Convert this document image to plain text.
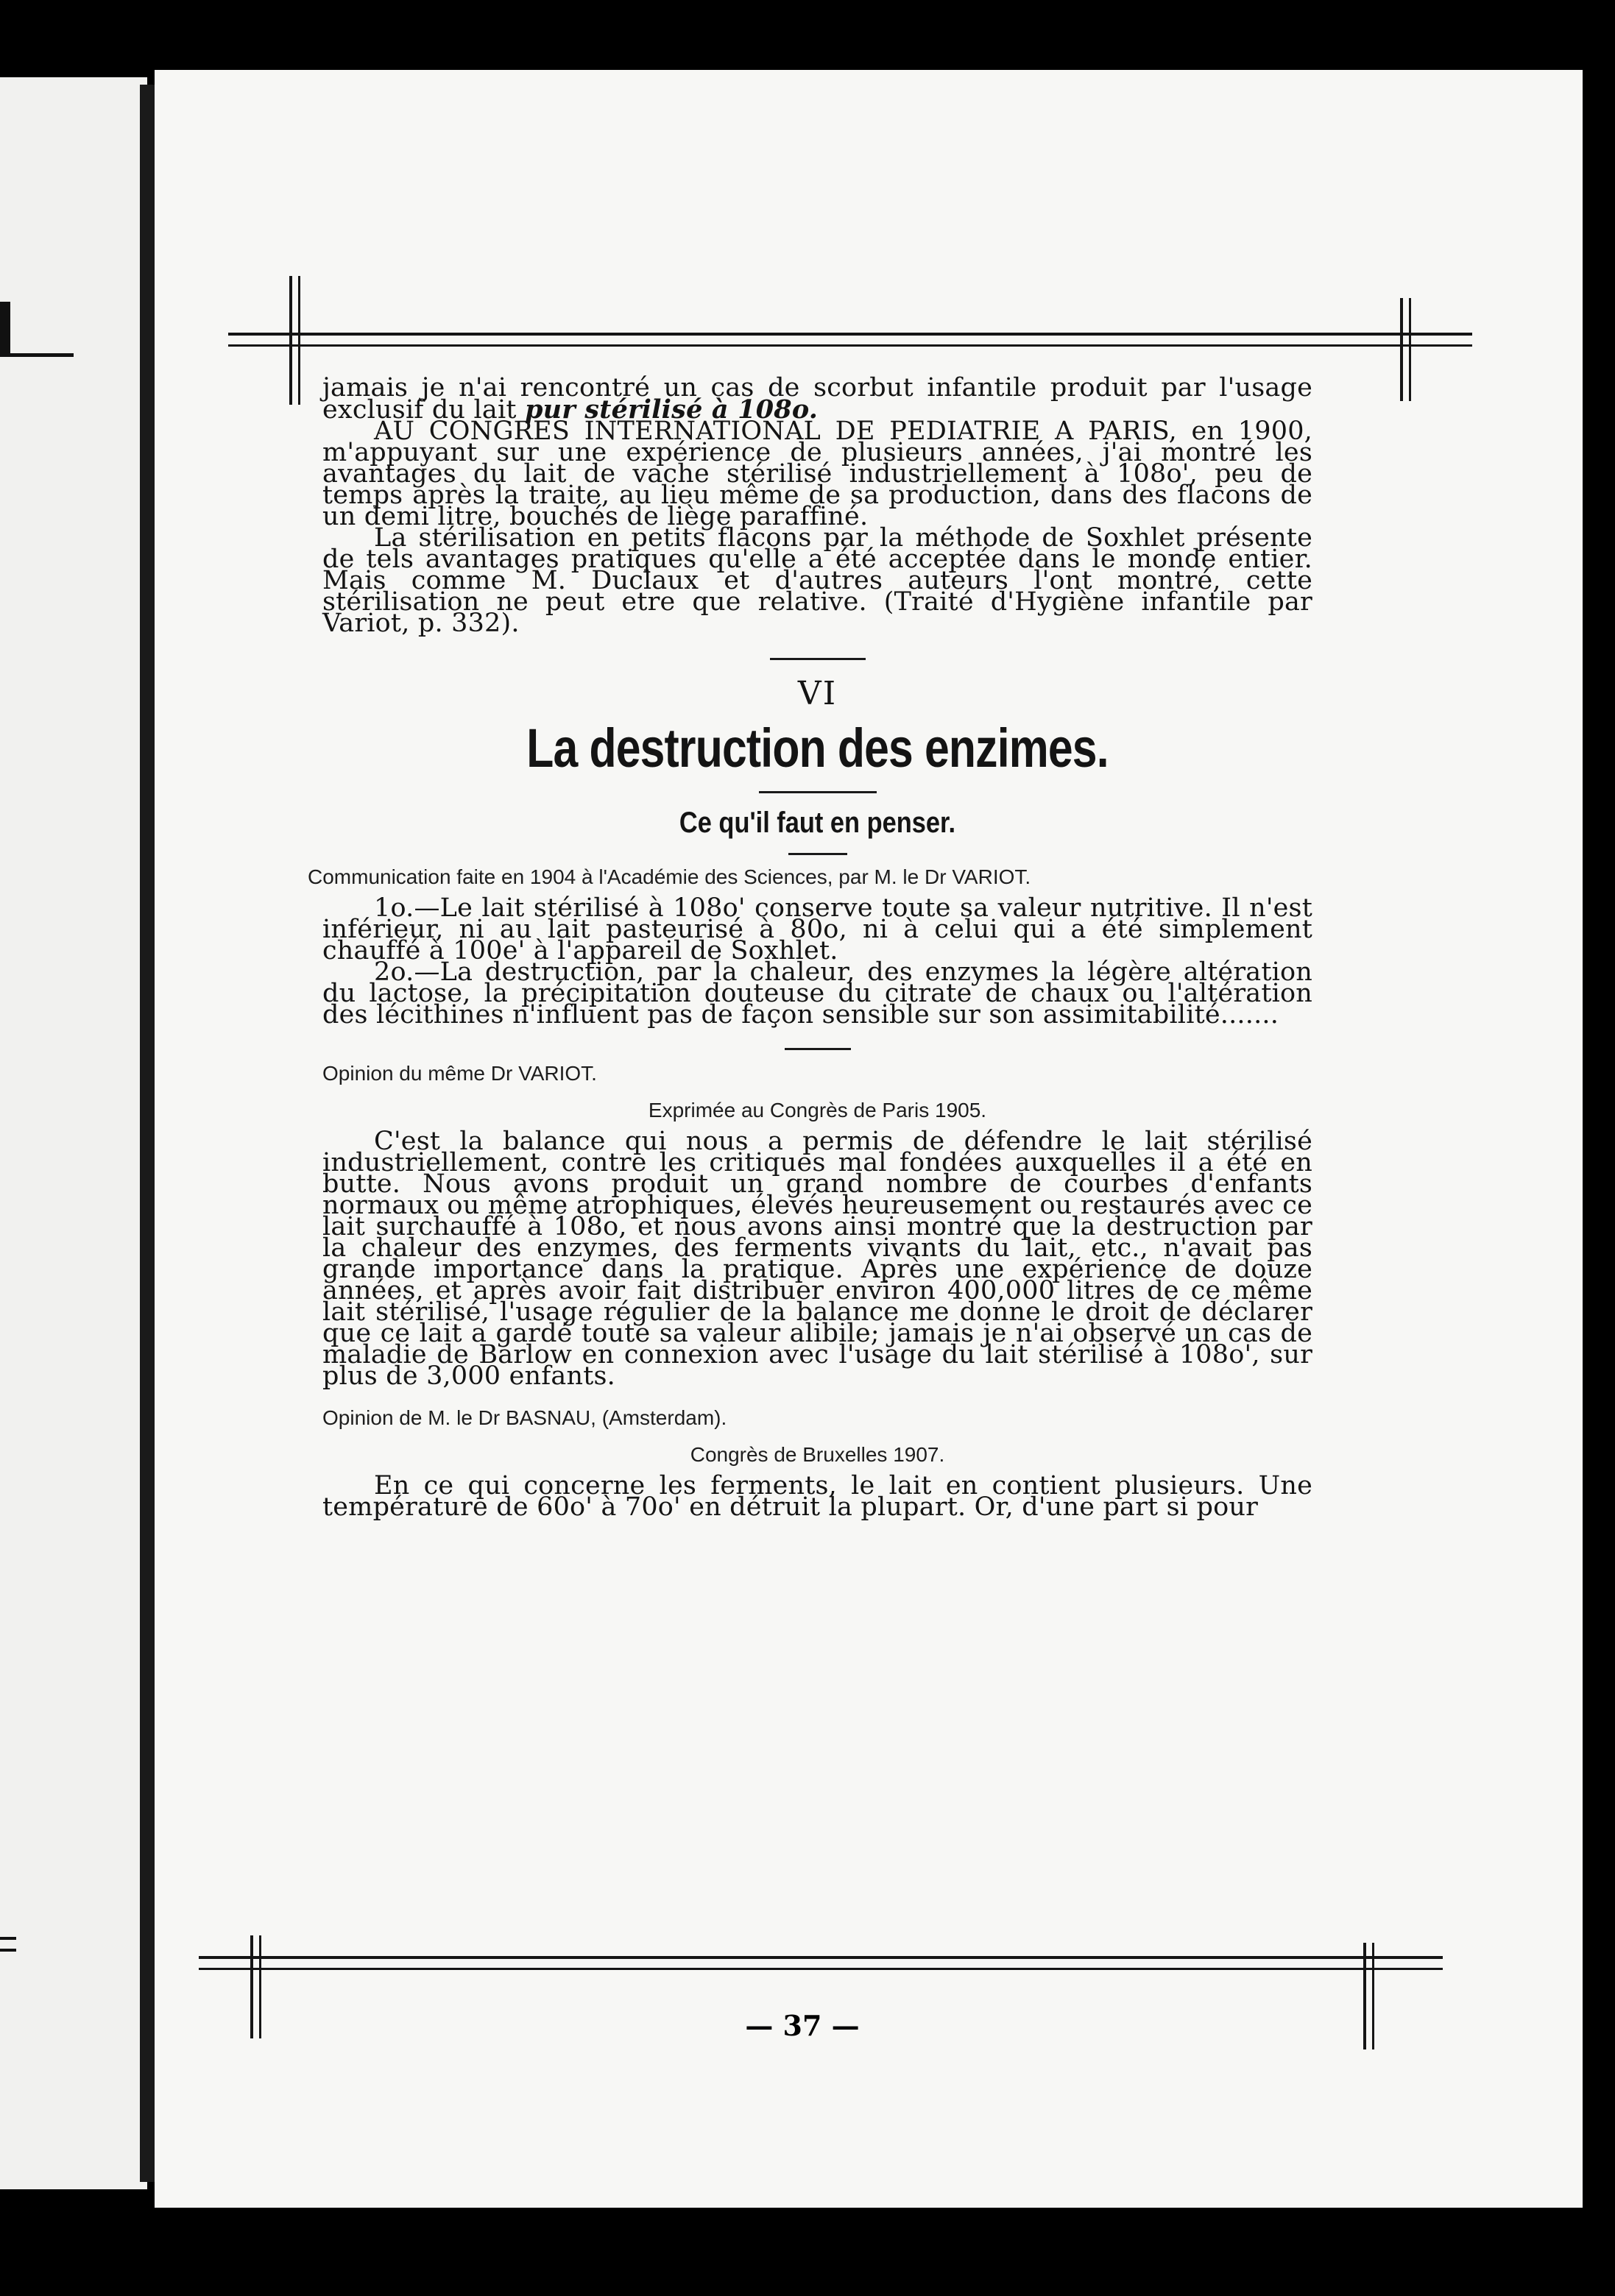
jamais je n'ai rencontré un cas de scorbut infantile produit par l'usage exclusif du lait pur stérilisé à 108o.

AU CONGRES INTERNATIONAL DE PEDIATRIE A PARIS, en 1900, m'appuyant sur une expérience de plusieurs années, j'ai montré les avantages du lait de vache stérilisé industriellement à 108o', peu de temps après la traite, au lieu même de sa production, dans des flacons de un demi litre, bouchés de liège paraffiné.

La stérilisation en petits flacons par la méthode de Soxhlet présente de tels avantages pratiques qu'elle a été acceptée dans le monde entier. Mais comme M. Duclaux et d'autres auteurs l'ont montré, cette stérilisation ne peut etre que relative. (Traité d'Hygiène infantile par Variot, p. 332).

VI
La destruction des enzimes.
Ce qu'il faut en penser.
Communication faite en 1904 à l'Académie des Sciences, par M. le Dr VARIOT.

1o.—Le lait stérilisé à 108o' conserve toute sa valeur nutritive. Il n'est inférieur, ni au lait pasteurisé à 80o, ni à celui qui a été simplement chauffé à 100e' à l'appareil de Soxhlet.

2o.—La destruction, par la chaleur, des enzymes la légère altération du lactose, la précipitation douteuse du citrate de chaux ou l'altération des lécithines n'influent pas de façon sensible sur son assimitabilité.......

Opinion du même Dr VARIOT.
Exprimée au Congrès de Paris 1905.

C'est la balance qui nous a permis de défendre le lait stérilisé industriellement, contre les critiques mal fondées auxquelles il a été en butte. Nous avons produit un grand nombre de courbes d'enfants normaux ou même atrophiques, élevés heureusement ou restaurés avec ce lait surchauffé à 108o, et nous avons ainsi montré que la destruction par la chaleur des enzymes, des ferments vivants du lait, etc., n'avait pas grande importance dans la pratique. Après une expérience de douze années, et après avoir fait distribuer environ 400,000 litres de ce même lait stérilisé, l'usage régulier de la balance me donne le droit de déclarer que ce lait a gardé toute sa valeur alibile; jamais je n'ai observé un cas de maladie de Barlow en connexion avec l'usage du lait stérilisé à 108o', sur plus de 3,000 enfants.

Opinion de M. le Dr BASNAU, (Amsterdam).
Congrès de Bruxelles 1907.

En ce qui concerne les ferments, le lait en contient plusieurs. Une température de 60o' à 70o' en détruit la plupart. Or, d'une part si pour

— 37 —
